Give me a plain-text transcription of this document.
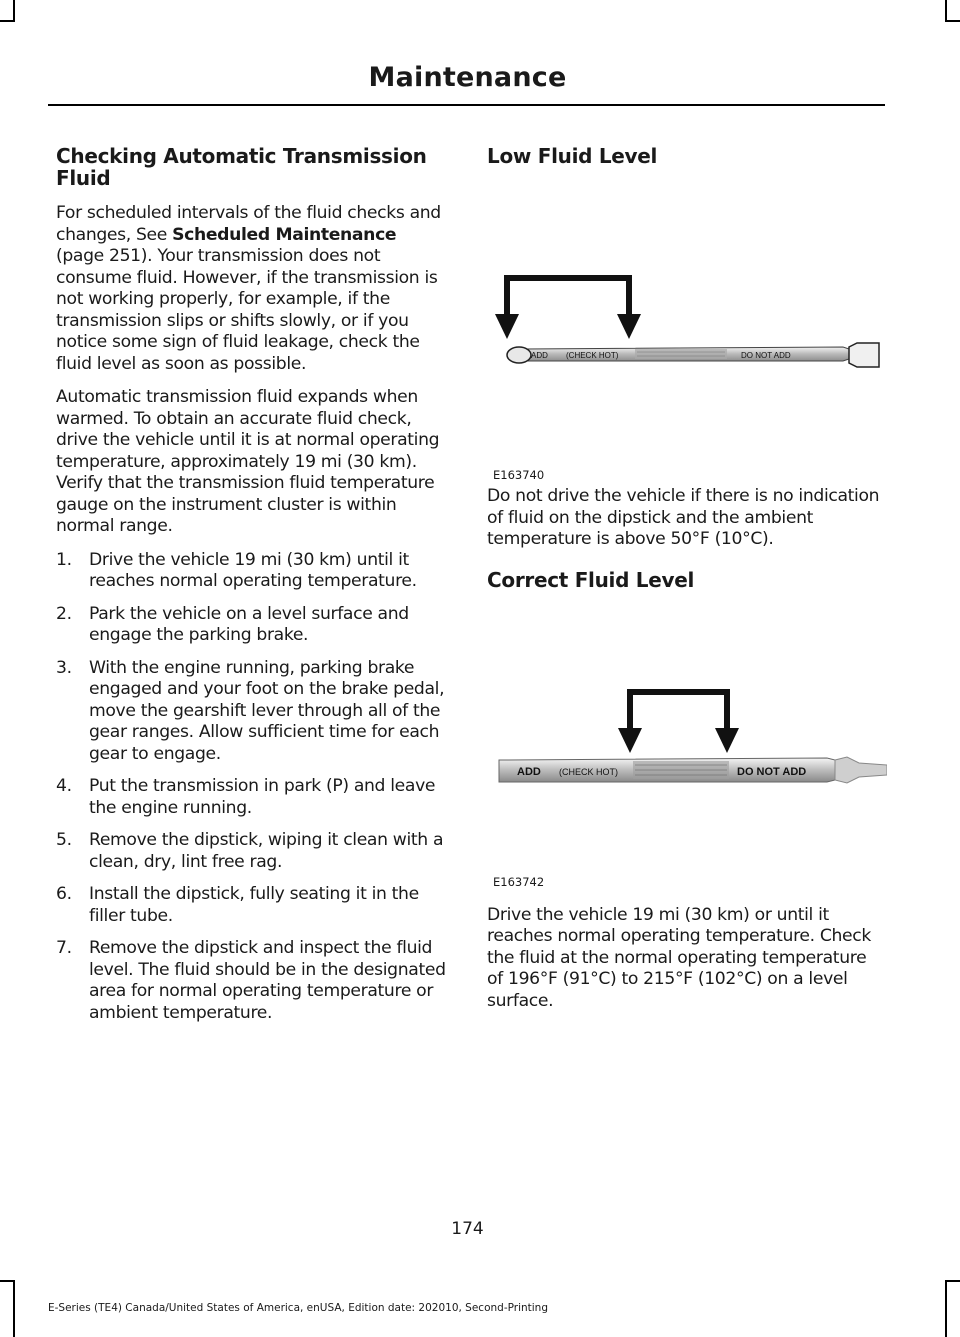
Maintenance
Checking Automatic Transmission Fluid

For scheduled intervals of the fluid checks and changes, See Scheduled Maintenance (page 251). Your transmission does not consume fluid. However, if the transmission is not working properly, for example, if the transmission slips or shifts slowly, or if you notice some sign of fluid leakage, check the fluid level as soon as possible.

Automatic transmission fluid expands when warmed. To obtain an accurate fluid check, drive the vehicle until it is at normal operating temperature, approximately 19 mi (30 km). Verify that the transmission fluid temperature gauge on the instrument cluster is within normal range.

1. Drive the vehicle 19 mi (30 km) until it reaches normal operating temperature.
2. Park the vehicle on a level surface and engage the parking brake.
3. With the engine running, parking brake engaged and your foot on the brake pedal, move the gearshift lever through all of the gear ranges. Allow sufficient time for each gear to engage.
4. Put the transmission in park (P) and leave the engine running.
5. Remove the dipstick, wiping it clean with a clean, dry, lint free rag.
6. Install the dipstick, fully seating it in the filler tube.
7. Remove the dipstick and inspect the fluid level. The fluid should be in the designated area for normal operating temperature or ambient temperature.
Low Fluid Level
ADD (CHECK HOT)	DO NOT ADD
E163740

Do not drive the vehicle if there is no indication of fluid on the dipstick and the ambient temperature is above 50°F (10°C).

Correct Fluid Level
ADD (CHECK HOT)	DO NOT ADD
E163742

Drive the vehicle 19 mi (30 km) or until it reaches normal operating temperature. Check the fluid at the normal operating temperature of 196°F (91°C) to 215°F (102°C) on a level surface.

174
E-Series (TE4) Canada/United States of America, enUSA, Edition date: 202010, Second-Printing
